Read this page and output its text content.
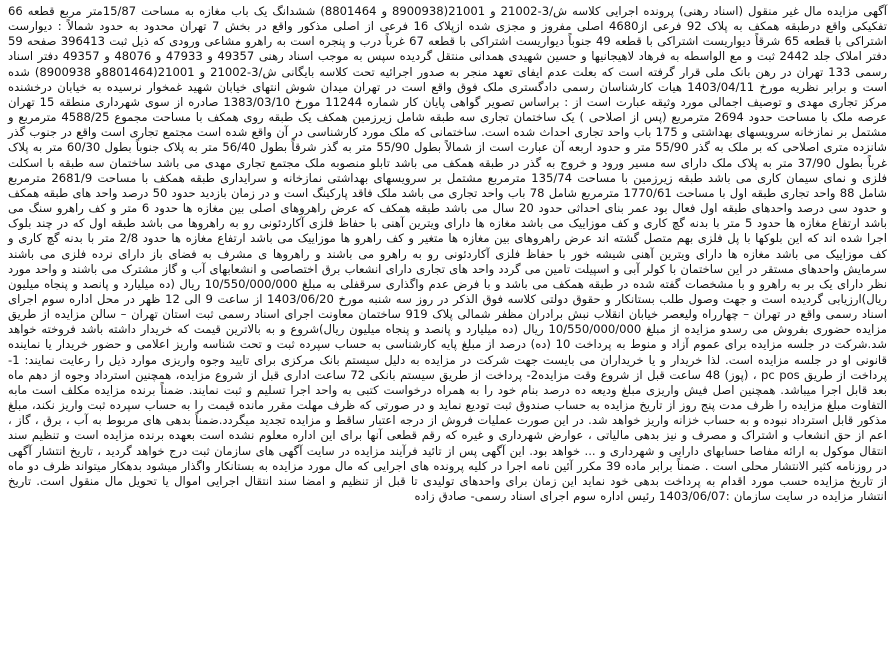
آگهی مزایده مال غیر منقول (اسناد رهنی) پرونده اجرایی کلاسه ش/3-21002 و 21001(8900938 و 8801464) ششدانگ یک باب مغازه به مساحت 15/87متر مربع قطعه 66 تفکیکی واقع درطبقه همکف به پلاک 92 فرعی از4680 اصلی مفروز و مجزی شده ازپلاک 16 فرعی از اصلی مذکور واقع در بخش 7 تهران محدود به حدود شمالاً : دیوارست اشتراکی با قطعه 65 شرقاً دیواریست اشتراکی با قطعه 49 جنوباً دیواریست اشتراکی با قطعه 67 غرباً درب و پنجره است به راهرو مشاعی ورودی که ذیل ثبت 396413 صفحه 59 دفتر املاک جلد 2442 ثبت و مع الواسطه به فرهاد لاهیجانیها و حسین شهیدی همدانی منتقل گردیده سپس به موجب اسناد رهنی 49357 و 47933 و 48076 و 49357 دفتر اسناد رسمی 133 تهران در رهن بانک ملی قرار گرفته است که بعلت عدم ایفای تعهد منجر به صدور اجرائیه تحت کلاسه بایگانی ش/3-21002 و 21001(8801464و 8900938) شده است و برابر نظریه مورخ 1403/04/11 هیات کارشناسان رسمی دادگستری ملک فوق واقع است در تهران میدان شوش انتهای خیابان شهید غمخوار نرسیده به خیابان درخشنده مرکز تجاری مهدی و توصیف اجمالی مورد وثیقه عبارت است از : براساس تصویر گواهی پایان کار شماره 11244 مورخ 1383/03/10 صادره از سوی شهرداری منطقه 15 تهران عرصه ملک با مساحت حدود 2694 مترمربع (پس از اصلاحی ) یک ساختمان تجاری سه طبقه شامل زیرزمین همکف یک طبقه روی همکف با مساحت مجموع 4588/25 مترمربع و مشتمل بر نمازخانه سرویسهای بهداشتی و 175 باب واحد تجاری احداث شده است. ساختمانی که ملک مورد کارشناسی در آن واقع شده است مجتمع تجاری است واقع در جنوب گذر شانزده متری اصلاحی که بر ملک به گذر 55/90 متر و حدود اربعه آن عبارت است از شمالاً بطول 55/90 متر به گذر شرقاً بطول 56/40 متر به پلاک جنوباً بطول 60/30 متر به پلاک غرباً بطول 37/90 متر به پلاک ملک دارای سه مسیر ورود و خروج به گذر در طبقه همکف می باشد تابلو منصوبه ملک مجتمع تجاری مهدی می باشد ساختمان سه طبقه با اسکلت فلزی و نمای سیمان کاری می باشد طبقه زیرزمین با مساحت 135/74 مترمربع مشتمل بر سرویسهای بهداشتی نمازخانه و سرایداری طبقه همکف با مساحت 2681/9 مترمربع شامل 88 واحد تجاری طبقه اول با مساحت 1770/61 مترمربع شامل 78 باب واحد تجاری می باشد ملک فاقد پارکینگ است و در زمان بازدید حدود 50 درصد واحد های طبقه همکف و حدود سی درصد واحدهای طبقه اول فعال بود عمر بنای احداثی حدود 20 سال می باشد طبقه همکف که عرض راهروهای اصلی بین مغازه ها حدود 6 متر و کف راهرو سنگ می باشد ارتفاع مغازه ها حدود 5 متر با بدنه گچ کاری و کف موزاییک می باشد مغازه ها دارای ویترین آهنی با حفاظ فلزی آکاردئونی رو به راهروها می باشد طبقه اول که در چند بلوک اجرا شده اند که این بلوکها با پل فلزی بهم متصل گشته اند عرض راهروهای بین مغازه ها متغیر و کف راهرو ها موزاییک می باشد ارتفاع مغازه ها حدود 2/8 متر با بدنه گچ کاری و کف موزاییک می باشد مغازه ها دارای ویترین آهنی شیشه خور با حفاظ فلزی آکاردئونی رو به راهرو می باشند و راهروها ی مشرف به فضای باز دارای نرده فلزی می باشند سرمایش واحدهای مستقر در این ساختمان با کولر آبی و اسپیلت تامین می گردد واحد های تجاری دارای انشعاب برق اختصاصی و انشعابهای آب و گاز مشترک می باشند و واحد مورد نظر دارای یک بر به راهرو و با مشخصات گفته شده در طبقه همکف می باشد و با فرض عدم واگذاری سرقفلی به مبلغ 10/550/000/000 ریال (ده میلیارد و پانصد و پنجاه میلیون ریال)ارزیابی گردیده است و جهت وصول طلب بستانکار و حقوق دولتی کلاسه فوق الذکر در روز سه شنبه مورخ 1403/06/20 از ساعت 9 الی 12 ظهر در محل اداره سوم اجرای اسناد رسمی واقع در تهران – چهارراه ولیعصر خیابان انقلاب نبش برادران مظفر شمالی پلاک 919 ساختمان معاونت اجرای اسناد رسمی ثبت استان تهران – سالن مزایده از طریق مزایده حضوری بفروش می رسدو مزایده از مبلغ 10/550/000/000 ریال (ده میلیارد و پانصد و پنجاه میلیون ریال)شروع و به بالاترین قیمت که خریدار داشته باشد فروخته خواهد شد.شرکت در جلسه مزایده برای عموم آزاد و منوط به پرداخت 10 (ده) درصد از مبلغ پایه کارشناسی به حساب سپرده ثبت و تحت شناسه واریز اعلامی و حضور خریدار یا نماینده قانونی او در جلسه مزایده است. لذا خریدار و یا خریداران می بایست جهت شرکت در مزایده به دلیل سیستم بانک مرکزی برای تایید وجوه واریزی موارد ذیل را رعایت نمایند: 1-پرداخت از طریق pc pos ، (پوز) 48 ساعت قبل از شروع وقت مزایده2- پرداخت از طریق سیستم بانکی 72 ساعت اداری قبل از شروع مزایده، همچنین استرداد وجوه از دهم ماه بعد قابل اجرا میباشد. همچنین اصل فیش واریزی مبلغ ودیعه ده درصد بنام خود را به همراه درخواست کتبی به واحد اجرا تسلیم و ثبت نمایند. ضمناً برنده مزایده مکلف است مابه التفاوت مبلغ مزایده را ظرف مدت پنج روز از تاریخ مزایده به حساب صندوق ثبت تودیع نماید و در صورتی که ظرف مهلت مقرر مانده قیمت را به حساب سپرده ثبت واریز نکند، مبلغ مذکور قابل استرداد نبوده و به حساب خزانه واریز خواهد شد. در این صورت عملیات فروش از درجه اعتبار ساقط و مزایده تجدید میگردد.ضمناً بدهی های مربوط به آب ، برق ، گاز ، اعم از حق انشعاب و اشتراک و مصرف و نیز بدهی مالیاتی ، عوارض شهرداری و غیره که رقم قطعی آنها برای این اداره معلوم نشده است بعهده برنده مزایده است و تنظیم سند انتقال موکول به ارائه مفاصا حسابهای دارایی و شهرداری و ... خواهد بود. این آگهی پس از تائید فرآیند مزایده در سایت آگهی های سازمان ثبت درج خواهد گردید ، تاریخ انتشار آگهی در روزنامه کثیر الانتشار محلی است . ضمناً برابر ماده 39 مکرر آئین نامه اجرا در کلیه پرونده های اجرایی که مال مورد مزایده به بستانکار واگذار میشود بدهکار میتواند ظرف دو ماه از تاریخ مزایده حسب مورد اقدام به پرداخت بدهی خود نماید این زمان برای واحدهای تولیدی تا قبل از تنظیم و امضا سند انتقال اجرایی اموال یا تحویل مال منقول است. تاریخ انتشار مزایده در سایت سازمان :1403/06/07 رئیس اداره سوم اجرای اسناد رسمی- صادق زاده
